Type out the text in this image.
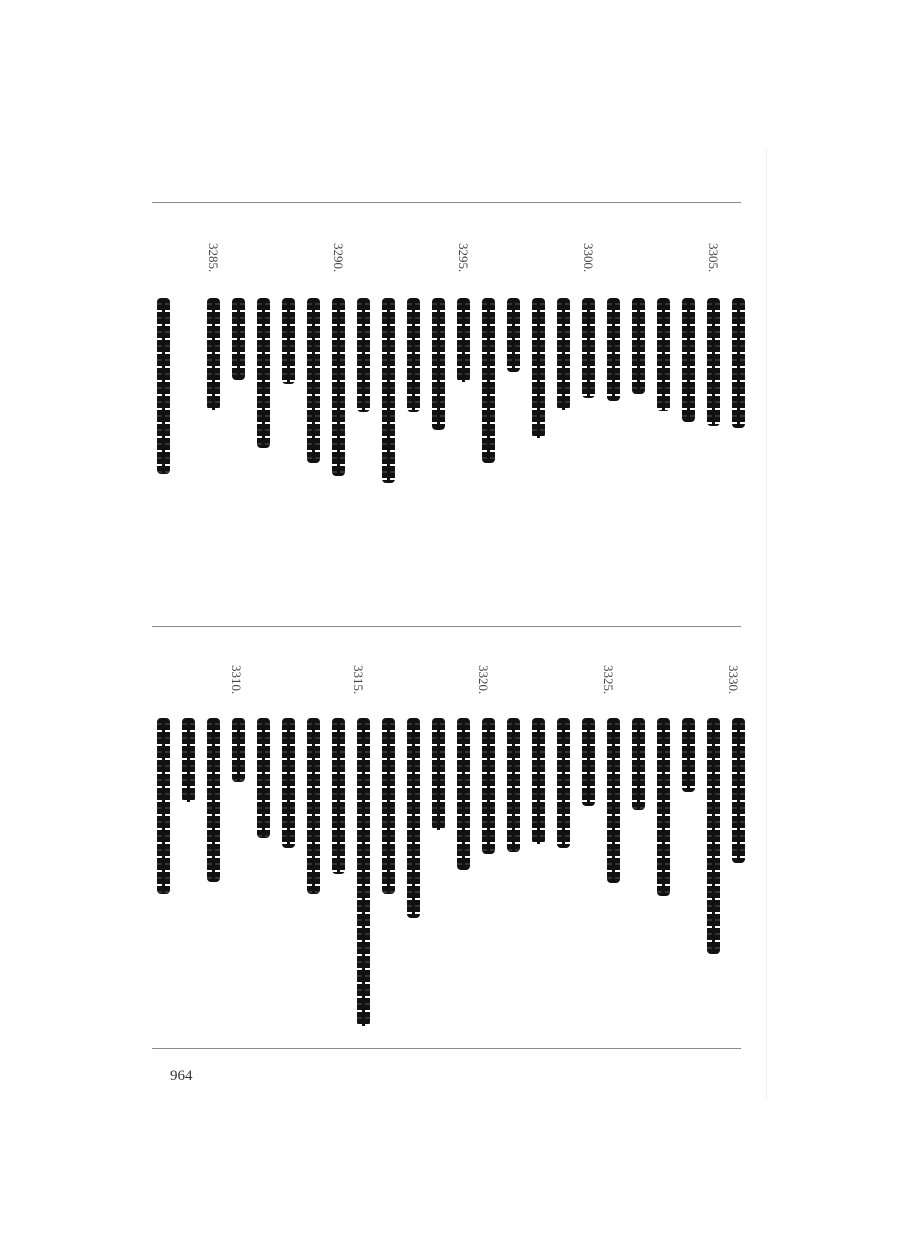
3305.
3300.
3295.
3290.
3285.
3330.
3325.
3320.
3315.
3310.
964
